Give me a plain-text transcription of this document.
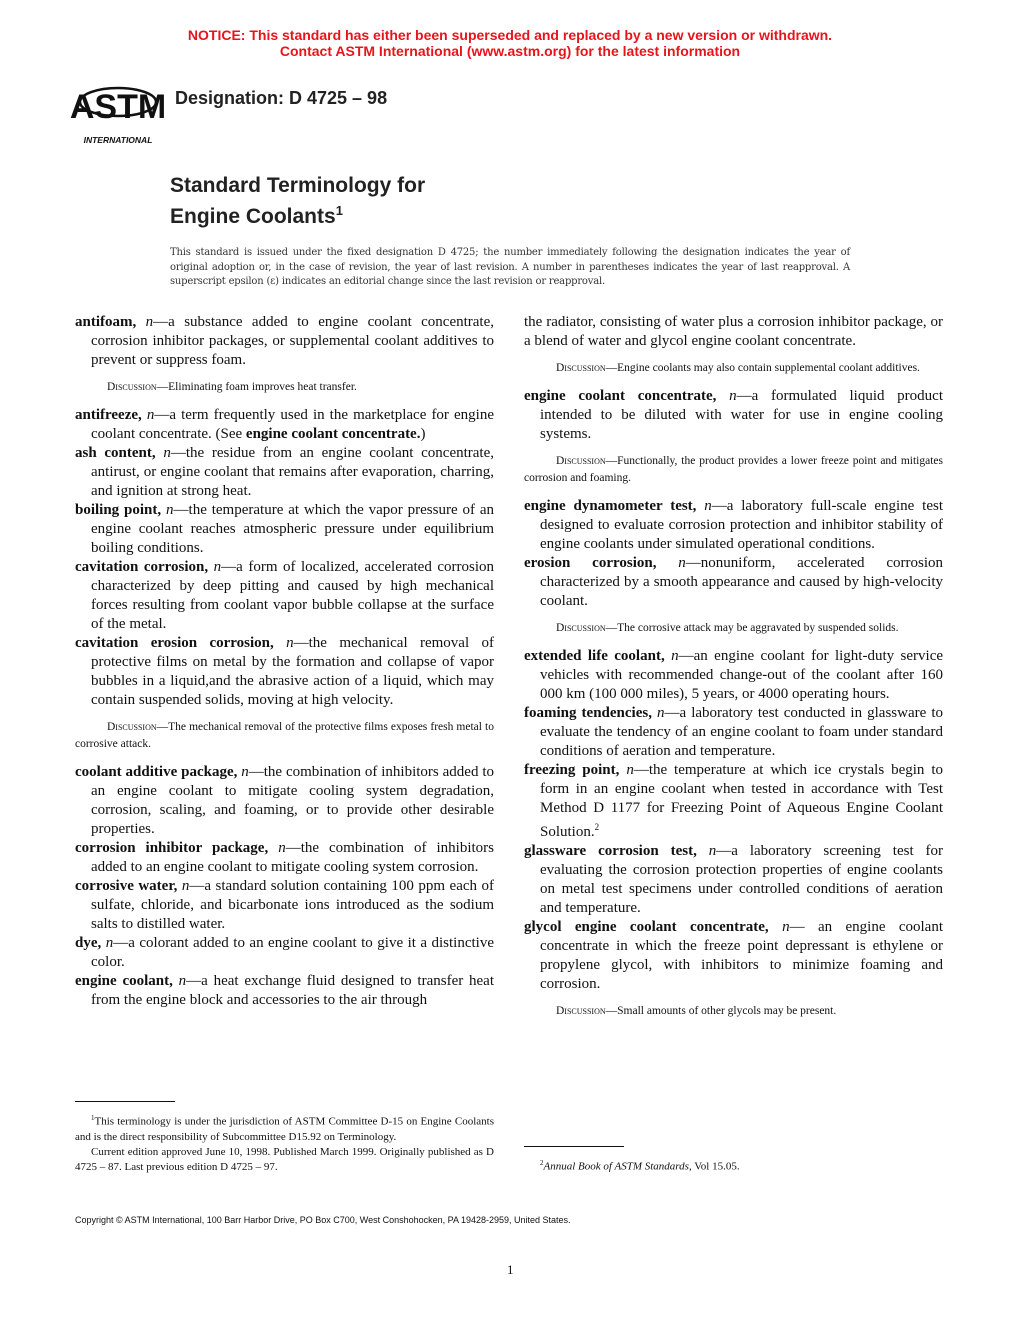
NOTICE: This standard has either been superseded and replaced by a new version or withdrawn.
Contact ASTM International (www.astm.org) for the latest information
ASTM
INTERNATIONAL
Designation: D 4725 – 98
Standard Terminology for
Engine Coolants$^1$
This standard is issued under the fixed designation D 4725; the number immediately following the designation indicates the year of original adoption or, in the case of revision, the year of last revision. A number in parentheses indicates the year of last reapproval. A superscript epsilon (ε) indicates an editorial change since the last revision or reapproval.

antifoam, n—a substance added to engine coolant concentrate, corrosion inhibitor packages, or supplemental coolant additives to prevent or suppress foam.

Discussion—Eliminating foam improves heat transfer.

antifreeze, n—a term frequently used in the marketplace for engine coolant concentrate. (See engine coolant concentrate.)

ash content, n—the residue from an engine coolant concentrate, antirust, or engine coolant that remains after evaporation, charring, and ignition at strong heat.

boiling point, n—the temperature at which the vapor pressure of an engine coolant reaches atmospheric pressure under equilibrium boiling conditions.

cavitation corrosion, n—a form of localized, accelerated corrosion characterized by deep pitting and caused by high mechanical forces resulting from coolant vapor bubble collapse at the surface of the metal.

cavitation erosion corrosion, n—the mechanical removal of protective films on metal by the formation and collapse of vapor bubbles in a liquid,and the abrasive action of a liquid, which may contain suspended solids, moving at high velocity.

Discussion—The mechanical removal of the protective films exposes fresh metal to corrosive attack.

coolant additive package, n—the combination of inhibitors added to an engine coolant to mitigate cooling system degradation, corrosion, scaling, and foaming, or to provide other desirable properties.

corrosion inhibitor package, n—the combination of inhibitors added to an engine coolant to mitigate cooling system corrosion.

corrosive water, n—a standard solution containing 100 ppm each of sulfate, chloride, and bicarbonate ions introduced as the sodium salts to distilled water.

dye, n—a colorant added to an engine coolant to give it a distinctive color.

engine coolant, n—a heat exchange fluid designed to transfer heat from the engine block and accessories to the air through

the radiator, consisting of water plus a corrosion inhibitor package, or a blend of water and glycol engine coolant concentrate.

Discussion—Engine coolants may also contain supplemental coolant additives.

engine coolant concentrate, n—a formulated liquid product intended to be diluted with water for use in engine cooling systems.

Discussion—Functionally, the product provides a lower freeze point and mitigates corrosion and foaming.

engine dynamometer test, n—a laboratory full-scale engine test designed to evaluate corrosion protection and inhibitor stability of engine coolants under simulated operational conditions.

erosion corrosion, n—nonuniform, accelerated corrosion characterized by a smooth appearance and caused by high-velocity coolant.

Discussion—The corrosive attack may be aggravated by suspended solids.

extended life coolant, n—an engine coolant for light-duty service vehicles with recommended change-out of the coolant after 160 000 km (100 000 miles), 5 years, or 4000 operating hours.

foaming tendencies, n—a laboratory test conducted in glassware to evaluate the tendency of an engine coolant to foam under standard conditions of aeration and temperature.

freezing point, n—the temperature at which ice crystals begin to form in an engine coolant when tested in accordance with Test Method D 1177 for Freezing Point of Aqueous Engine Coolant Solution.$^2$

glassware corrosion test, n—a laboratory screening test for evaluating the corrosion protection properties of engine coolants on metal test specimens under controlled conditions of aeration and temperature.

glycol engine coolant concentrate, n— an engine coolant concentrate in which the freeze point depressant is ethylene or propylene glycol, with inhibitors to minimize foaming and corrosion.

Discussion—Small amounts of other glycols may be present.

$^1$This terminology is under the jurisdiction of ASTM Committee D-15 on Engine Coolants and is the direct responsibility of Subcommittee D15.92 on Terminology.
Current edition approved June 10, 1998. Published March 1999. Originally published as D 4725 – 87. Last previous edition D 4725 – 97.	$^2$Annual Book of ASTM Standards, Vol 15.05.
Copyright © ASTM International, 100 Barr Harbor Drive, PO Box C700, West Conshohocken, PA 19428-2959, United States.
1
